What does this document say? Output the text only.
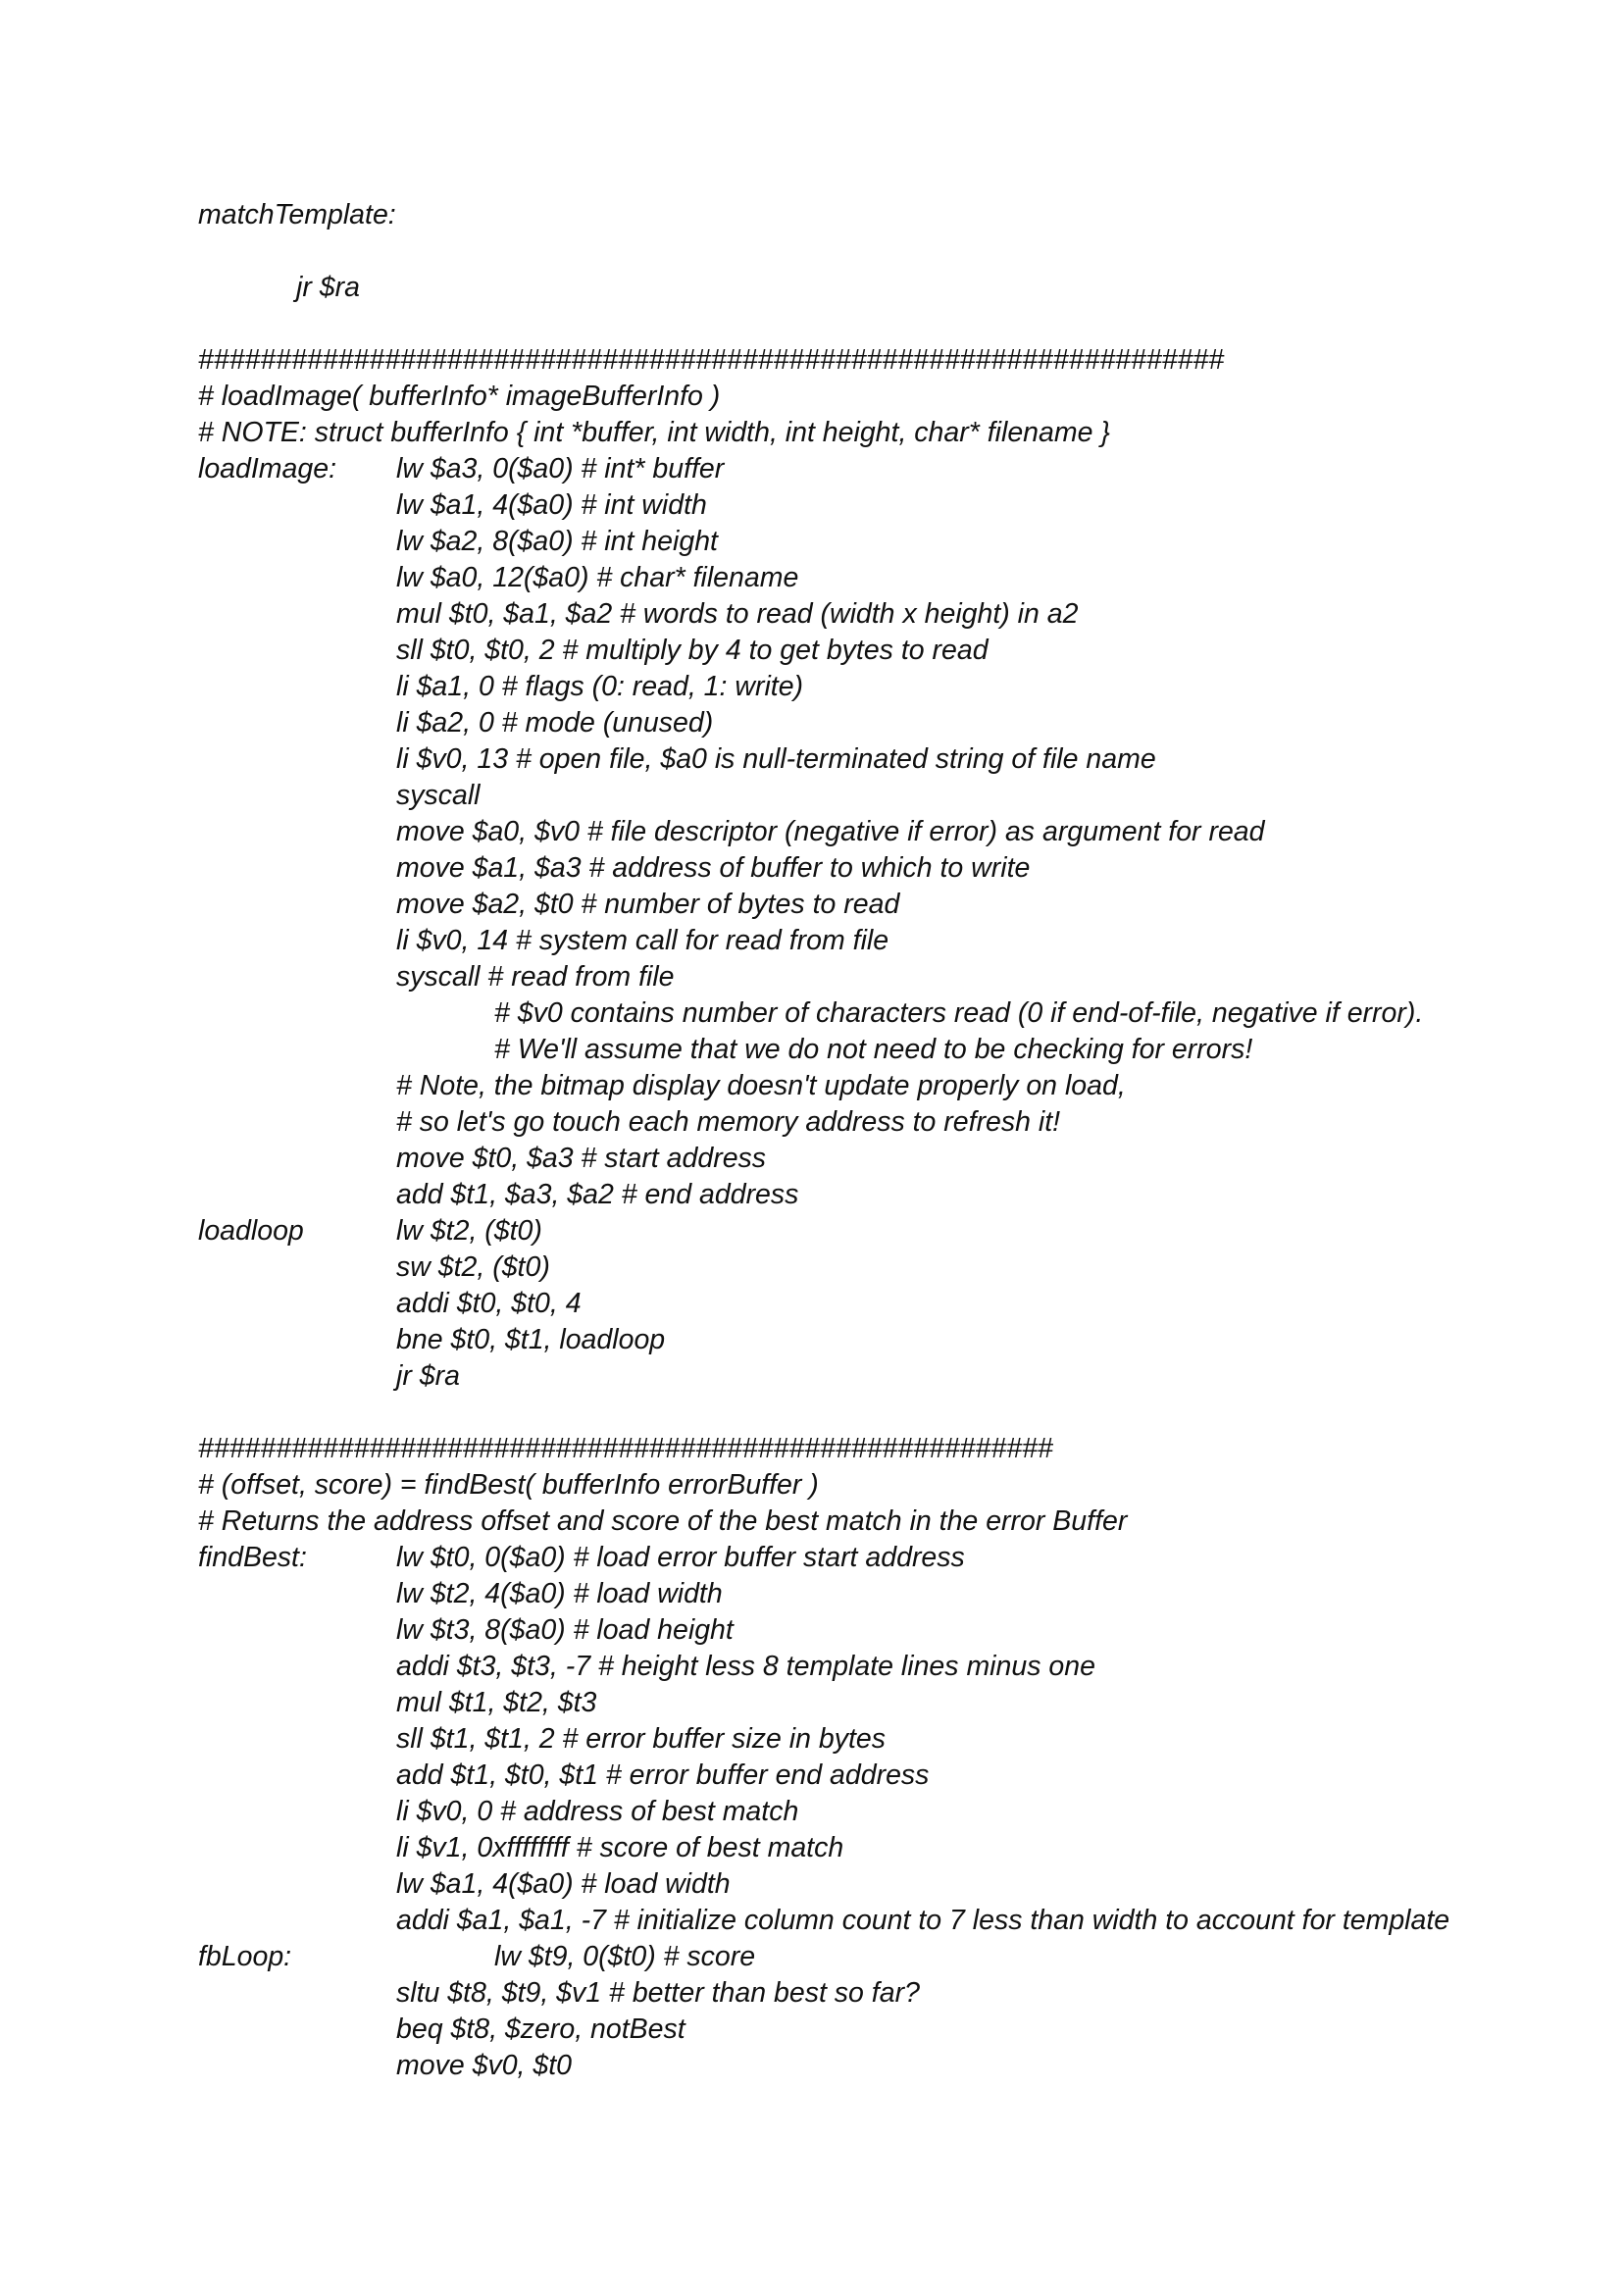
matchTemplate:
jr $ra
##################################################################
# loadImage( bufferInfo* imageBufferInfo )
# NOTE: struct bufferInfo { int *buffer, int width, int height, char* filename }
loadImage: lw $a3, 0($a0) # int* buffer
lw $a1, 4($a0) # int width
lw $a2, 8($a0) # int height
lw $a0, 12($a0) # char* filename
mul $t0, $a1, $a2 # words to read (width x height) in a2
sll $t0, $t0, 2 # multiply by 4 to get bytes to read
li $a1, 0 # flags (0: read, 1: write)
li $a2, 0 # mode (unused)
li $v0, 13 # open file, $a0 is null-terminated string of file name
syscall
move $a0, $v0 # file descriptor (negative if error) as argument for read
move $a1, $a3 # address of buffer to which to write
move $a2, $t0 # number of bytes to read
li $v0, 14 # system call for read from file
syscall # read from file
# $v0 contains number of characters read (0 if end-of-file, negative if error).
# We'll assume that we do not need to be checking for errors!
# Note, the bitmap display doesn't update properly on load,
# so let's go touch each memory address to refresh it!
move $t0, $a3 # start address
add $t1, $a3, $a2 # end address
loadloop	lw $t2, ($t0)
sw $t2, ($t0)
addi $t0, $t0, 4
bne $t0, $t1, loadloop
jr $ra
#######################################################
# (offset, score) = findBest( bufferInfo errorBuffer )
# Returns the address offset and score of the best match in the error Buffer
findBest:	lw $t0, 0($a0) # load error buffer start address
lw $t2, 4($a0) # load width
lw $t3, 8($a0) # load height
addi $t3, $t3, -7 # height less 8 template lines minus one
mul $t1, $t2, $t3
sll $t1, $t1, 2 # error buffer size in bytes
add $t1, $t0, $t1 # error buffer end address
li $v0, 0 # address of best match
li $v1, 0xffffffff # score of best match
lw $a1, 4($a0) # load width
addi $a1, $a1, -7 # initialize column count to 7 less than width to account for template
fbLoop:	lw $t9, 0($t0) # score
sltu $t8, $t9, $v1 # better than best so far?
beq $t8, $zero, notBest
move $v0, $t0
